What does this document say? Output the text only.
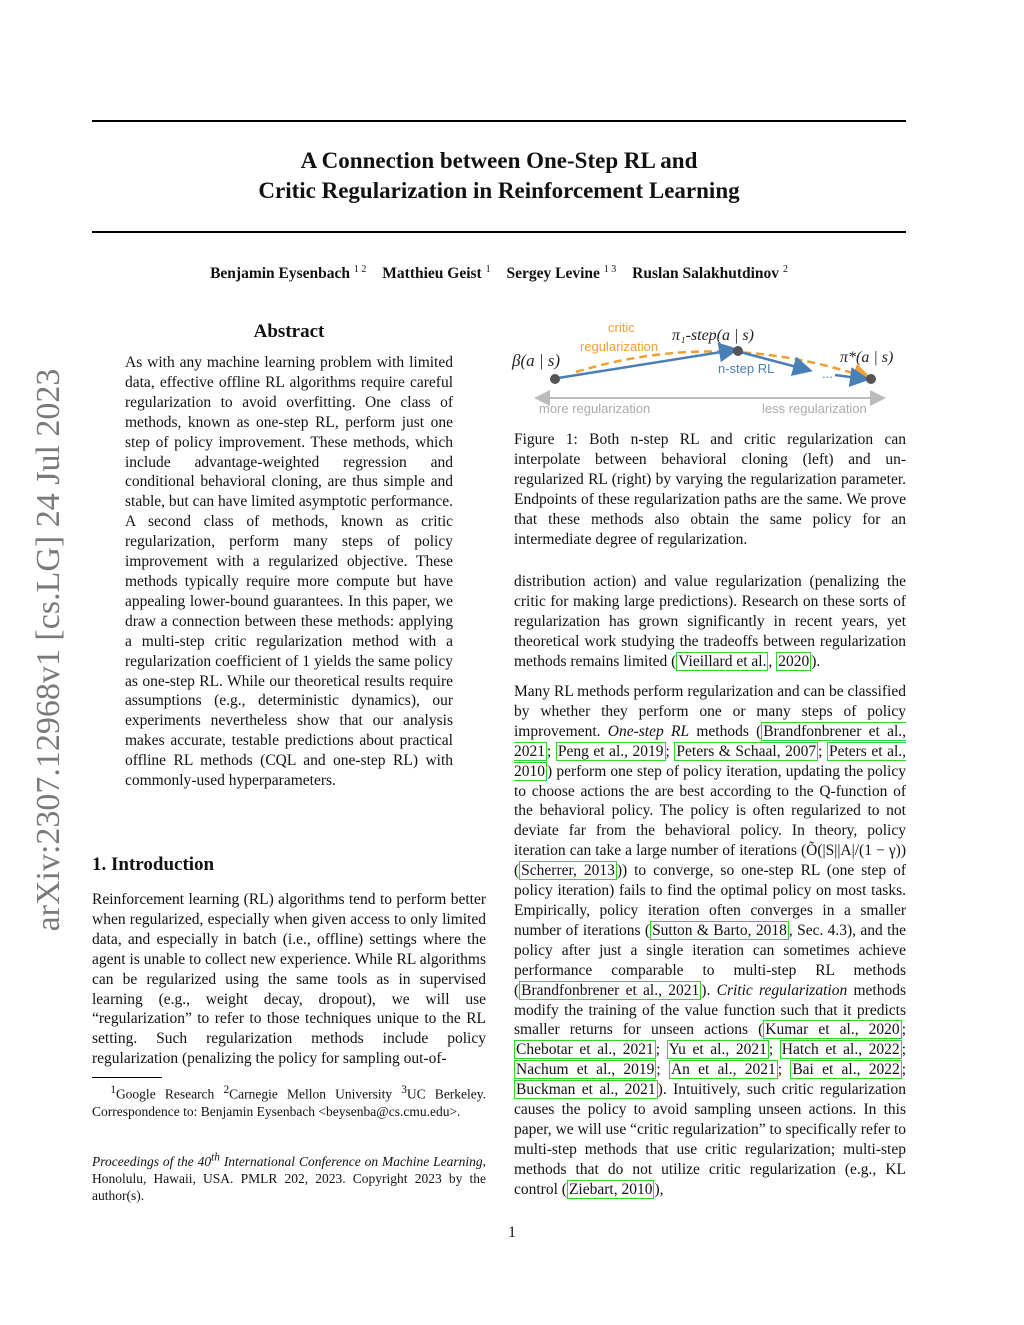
A Connection between One-Step RL and
Critic Regularization in Reinforcement Learning
Benjamin Eysenbach $^{1 2}$ Matthieu Geist $^1$ Sergey Levine $^{1 3}$ Ruslan Salakhutdinov $^2$
arXiv:2307.12968v1 [cs.LG] 24 Jul 2023
Abstract
As with any machine learning problem with limited data, effective offline RL algorithms require careful regularization to avoid overfitting. One class of methods, known as one-step RL, perform just one step of policy improvement. These methods, which include advantage-weighted regression and conditional behavioral cloning, are thus simple and stable, but can have limited asymptotic performance. A second class of methods, known as critic regularization, perform many steps of policy improvement with a regularized objective. These methods typically require more compute but have appealing lower-bound guarantees. In this paper, we draw a connection between these methods: applying a multi-step critic regularization method with a regularization coefficient of 1 yields the same policy as one-step RL. While our theoretical results require assumptions (e.g., deterministic dynamics), our experiments nevertheless show that our analysis makes accurate, testable predictions about practical offline RL methods (CQL and one-step RL) with commonly-used hyperparameters.
1. Introduction
Reinforcement learning (RL) algorithms tend to perform better when regularized, especially when given access to only limited data, and especially in batch (i.e., offline) settings where the agent is unable to collect new experience. While RL algorithms can be regularized using the same tools as in supervised learning (e.g., weight decay, dropout), we will use “regularization” to refer to those techniques unique to the RL setting. Such regularization methods include policy regularization (penalizing the policy for sampling out-of-
$^1$Google Research $^2$Carnegie Mellon University $^3$UC Berkeley. Correspondence to: Benjamin Eysenbach <beysenba@cs.cmu.edu>.
Proceedings of the 40th International Conference on Machine Learning, Honolulu, Hawaii, USA. PMLR 202, 2023. Copyright 2023 by the author(s).
β(a | s)
critic
regularization
π₁-step(a | s)
π*(a | s)
n-step RL	...
more regularization	less regularization
Figure 1: Both n-step RL and critic regularization can interpolate between behavioral cloning (left) and un-regularized RL (right) by varying the regularization parameter. Endpoints of these regularization paths are the same. We prove that these methods also obtain the same policy for an intermediate degree of regularization.
distribution action) and value regularization (penalizing the critic for making large predictions). Research on these sorts of regularization has grown significantly in recent years, yet theoretical work studying the tradeoffs between regularization methods remains limited ( Vieillard et al. , 2020 ).
Many RL methods perform regularization and can be classified by whether they perform one or many steps of policy improvement. One-step RL methods ( Brandfonbrener et al., 2021 ; Peng et al., 2019 ; Peters & Schaal, 2007 ; Peters et al., 2010 ) perform one step of policy iteration, updating the policy to choose actions the are best according to the Q-function of the behavioral policy. The policy is often regularized to not deviate far from the behavioral policy. In theory, policy iteration can take a large number of iterations (Õ(|S||A|/(1 − γ)) ( Scherrer, 2013 )) to converge, so one-step RL (one step of policy iteration) fails to find the optimal policy on most tasks. Empirically, policy iteration often converges in a smaller number of iterations ( Sutton & Barto, 2018 , Sec. 4.3), and the policy after just a single iteration can sometimes achieve performance comparable to multi-step RL methods ( Brandfonbrener et al., 2021 ). Critic regularization methods modify the training of the value function such that it predicts smaller returns for unseen actions ( Kumar et al., 2020 ; Chebotar et al., 2021 ; Yu et al., 2021 ; Hatch et al., 2022 ; Nachum et al., 2019 ; An et al., 2021 ; Bai et al., 2022 ; Buckman et al., 2021 ). Intuitively, such critic regularization causes the policy to avoid sampling unseen actions. In this paper, we will use “critic regularization” to specifically refer to multi-step methods that use critic regularization; multi-step methods that do not utilize critic regularization (e.g., KL control ( Ziebart, 2010 ),
1
